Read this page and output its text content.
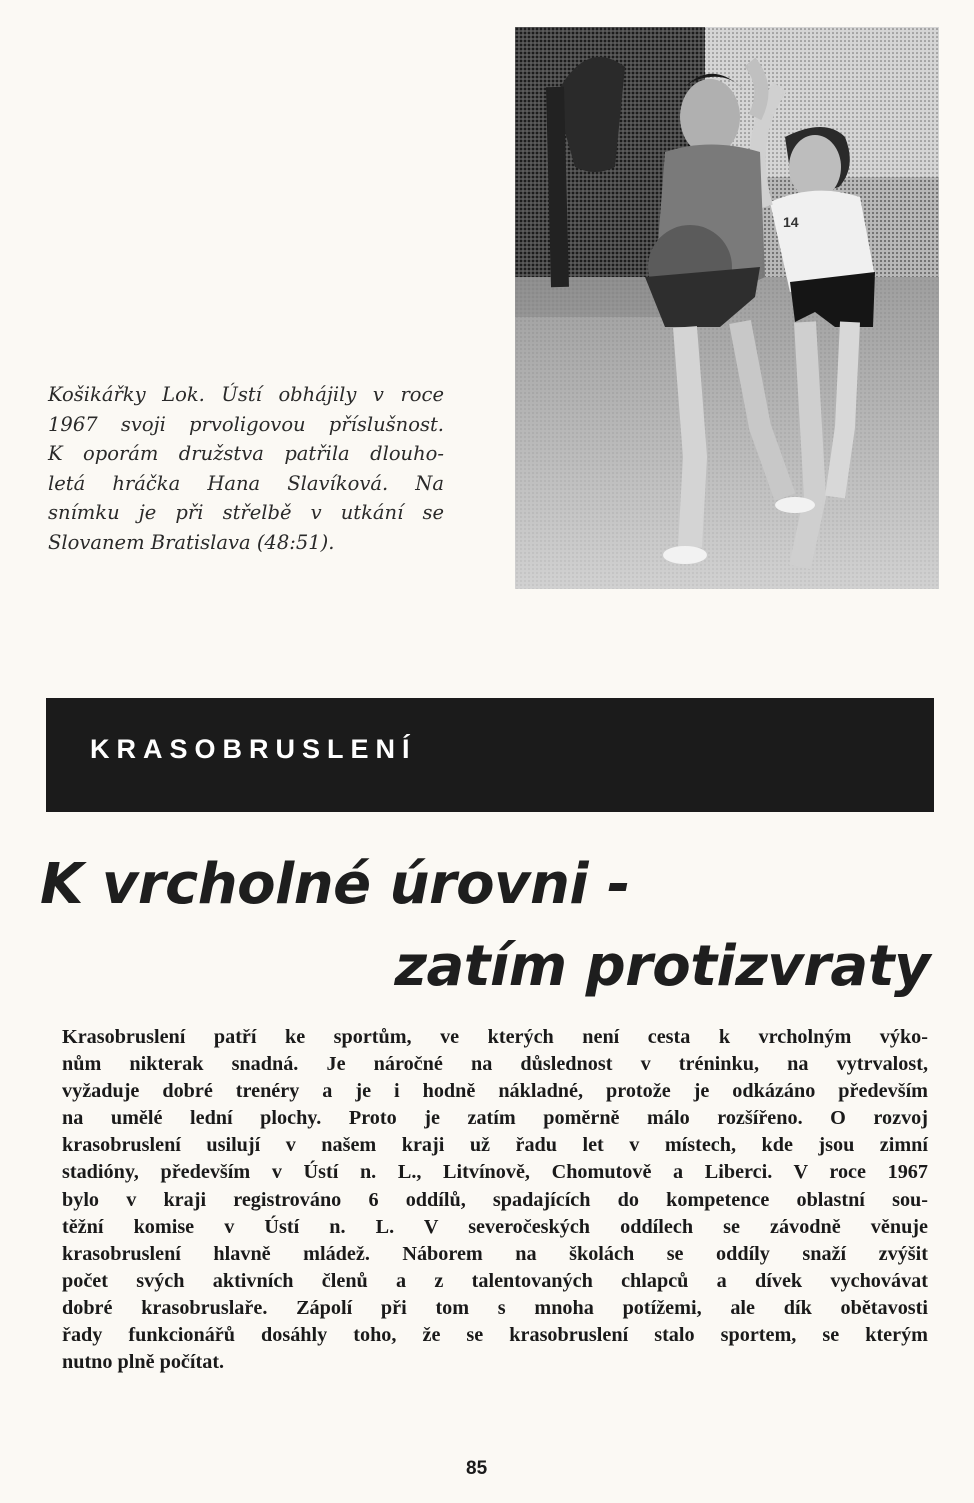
14
Košikářky Lok. Ústí obhájily v roce
1967 svoji prvoligovou příslušnost.
K oporám družstva patřila dlouho-
letá hráčka Hana Slavíková. Na
snímku je při střelbě v utkání se
Slovanem Bratislava (48:51).
KRASOBRUSLENÍ
K vrcholné úrovni -
zatím protizvraty
Krasobruslení patří ke sportům, ve kterých není cesta k vrcholným výko-
nům nikterak snadná. Je náročné na důslednost v tréninku, na vytrvalost,
vyžaduje dobré trenéry a je i hodně nákladné, protože je odkázáno především
na umělé lední plochy. Proto je zatím poměrně málo rozšířeno. O rozvoj
krasobruslení usilují v našem kraji už řadu let v místech, kde jsou zimní
stadióny, především v Ústí n. L., Litvínově, Chomutově a Liberci. V roce 1967
bylo v kraji registrováno 6 oddílů, spadajících do kompetence oblastní sou-
těžní komise v Ústí n. L. V severočeských oddílech se závodně věnuje
krasobruslení hlavně mládež. Náborem na školách se oddíly snaží zvýšit
počet svých aktivních členů a z talentovaných chlapců a dívek vychovávat
dobré krasobruslaře. Zápolí při tom s mnoha potížemi, ale dík obětavosti
řady funkcionářů dosáhly toho, že se krasobruslení stalo sportem, se kterým
nutno plně počítat.
85
